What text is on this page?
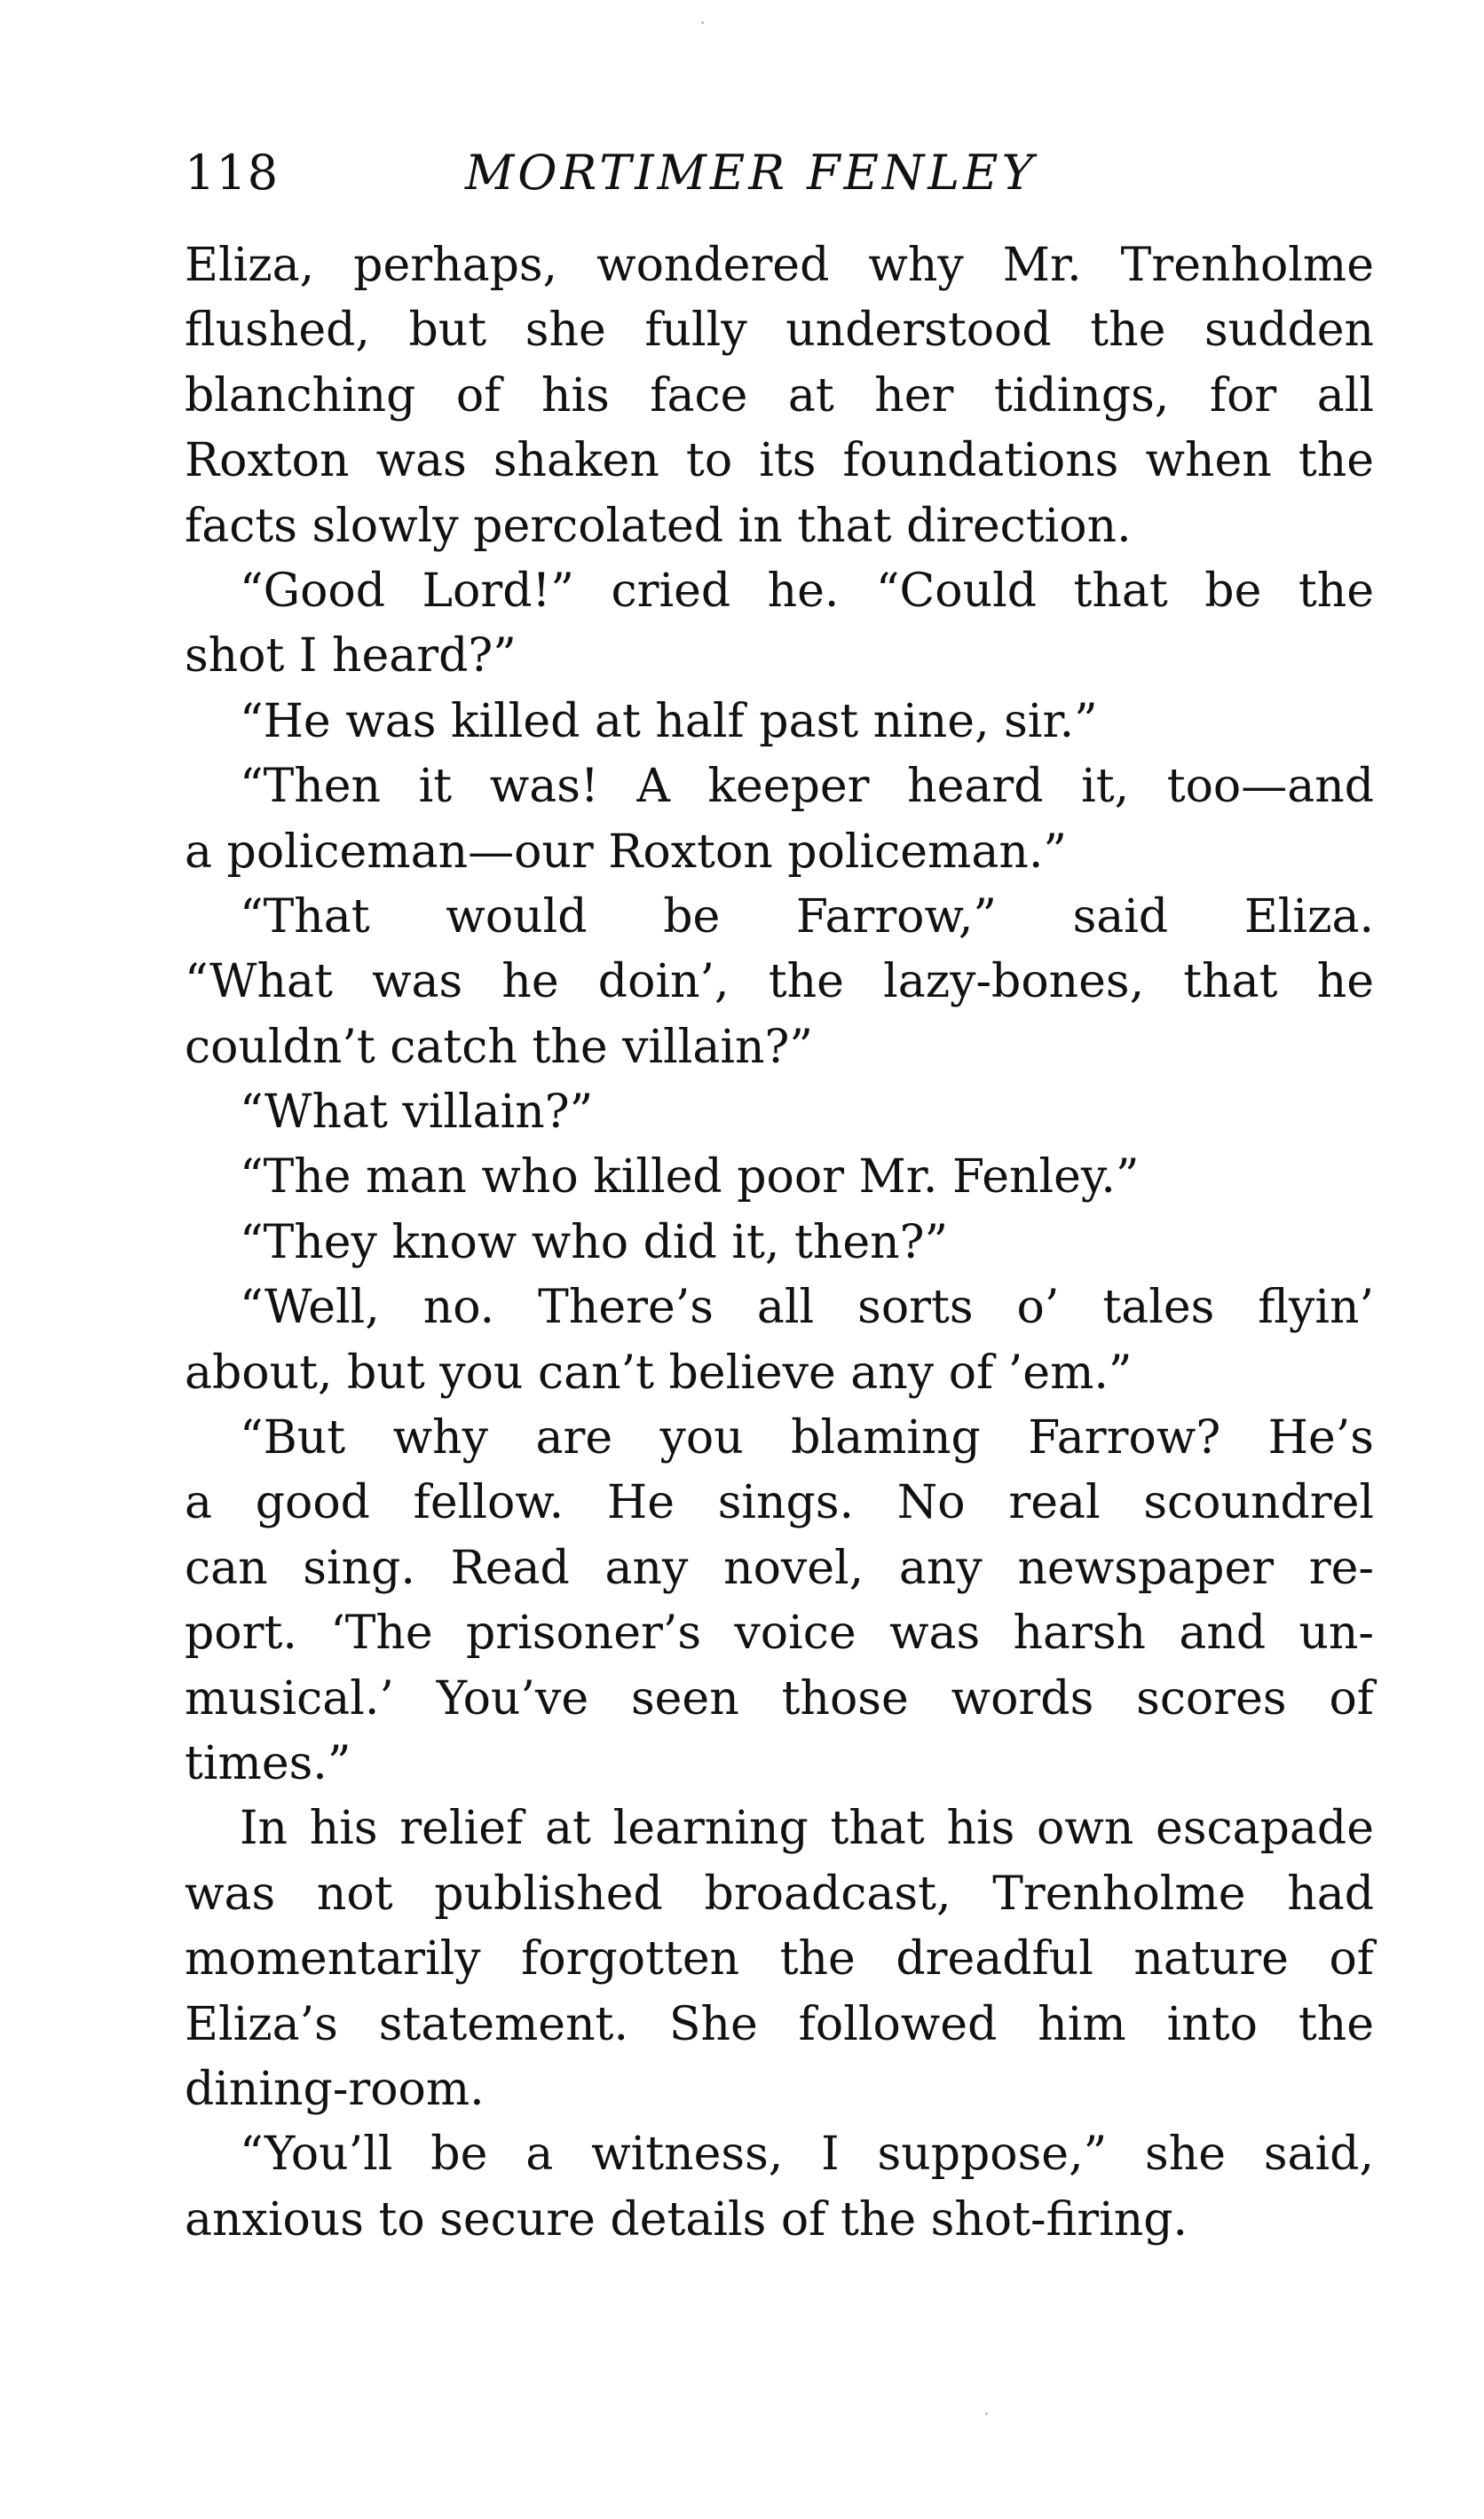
118	MORTIMER FENLEY
Eliza, perhaps, wondered why Mr. Trenholme
flushed, but she fully understood the sudden
blanching of his face at her tidings, for all
Roxton was shaken to its foundations when the
facts slowly percolated in that direction.
“Good Lord!” cried he. “Could that be the
shot I heard?”
“He was killed at half past nine, sir.”
“Then it was! A keeper heard it, too—and
a policeman—our Roxton policeman.”
“That would be Farrow,” said Eliza.
“What was he doin’, the lazy-bones, that he
couldn’t catch the villain?”
“What villain?”
“The man who killed poor Mr. Fenley.”
“They know who did it, then?”
“Well, no. There’s all sorts o’ tales flyin’
about, but you can’t believe any of ’em.”
“But why are you blaming Farrow? He’s
a good fellow. He sings. No real scoundrel
can sing. Read any novel, any newspaper re-
port. ‘The prisoner’s voice was harsh and un-
musical.’ You’ve seen those words scores of
times.”
In his relief at learning that his own escapade
was not published broadcast, Trenholme had
momentarily forgotten the dreadful nature of
Eliza’s statement. She followed him into the
dining-room.
“You’ll be a witness, I suppose,” she said,
anxious to secure details of the shot-firing.
